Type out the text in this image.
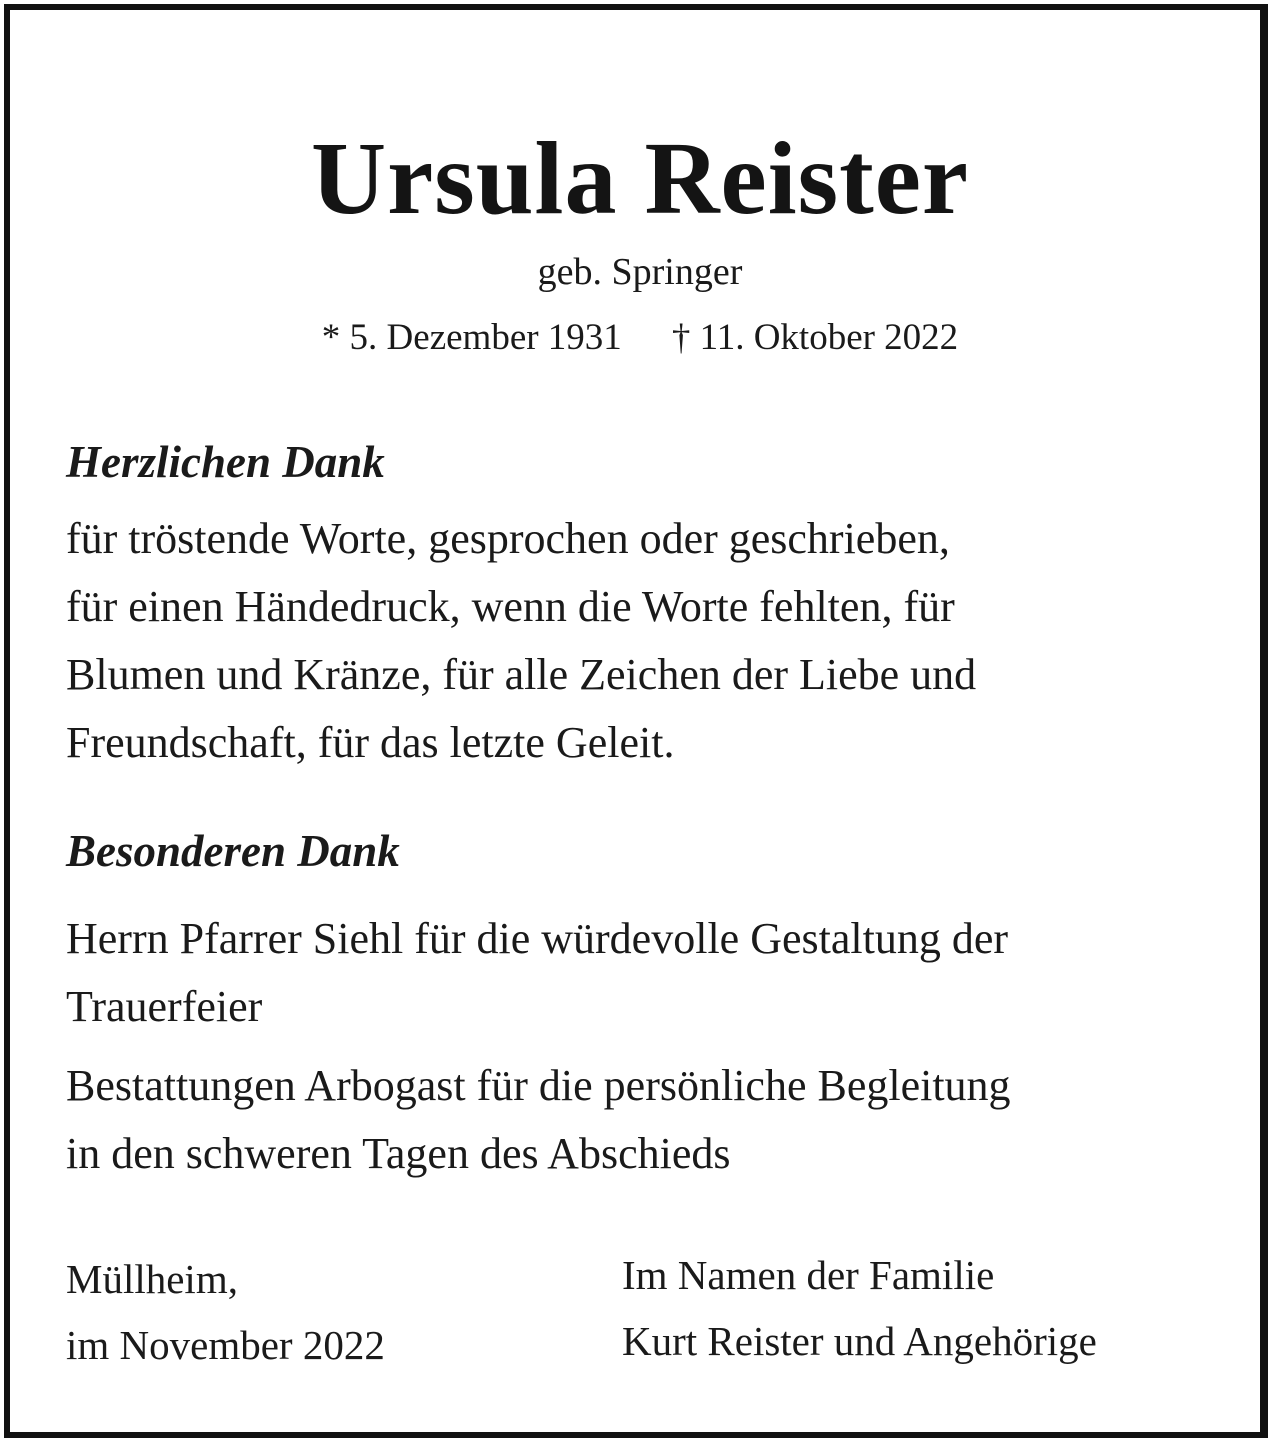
Ursula Reister
geb. Springer
* 5. Dezember 1931 † 11. Oktober 2022
Herzlichen Dank

für tröstende Worte, gesprochen oder geschrieben,

für einen Händedruck, wenn die Worte fehlten, für

Blumen und Kränze, für alle Zeichen der Liebe und

Freundschaft, für das letzte Geleit.

Besonderen Dank

Herrn Pfarrer Siehl für die würdevolle Gestaltung der

Trauerfeier

Bestattungen Arbogast für die persönliche Begleitung

in den schweren Tagen des Abschieds

Müllheim,

im November 2022

Im Namen der Familie

Kurt Reister und Angehörige
